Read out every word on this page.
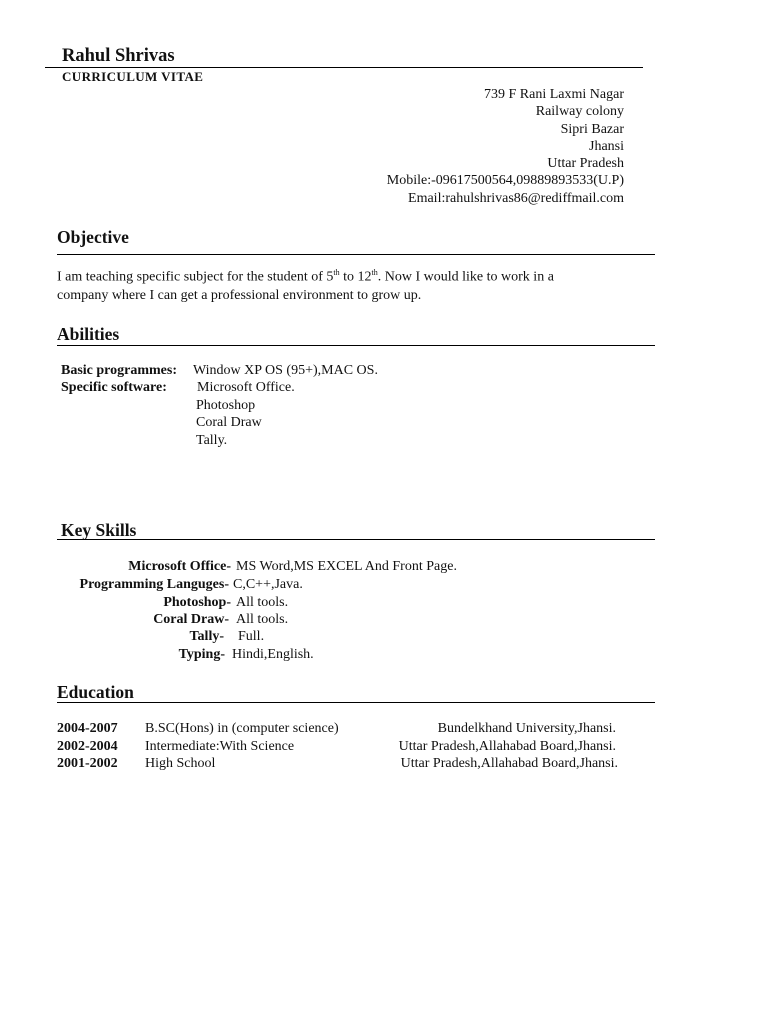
Rahul Shrivas
CURRICULUM VITAE
739 F Rani Laxmi Nagar
Railway colony
Sipri Bazar
Jhansi
Uttar Pradesh
Mobile:-09617500564,09889893533(U.P)
Email:rahulshrivas86@rediffmail.com
Objective
I am teaching specific subject for the student of 5th to 12th. Now I would like to work in a
company where I can get a professional environment to grow up.
Abilities
Basic programmes: Window XP OS (95+),MAC OS.
Specific software: Microsoft Office.
Photoshop
Coral Draw
Tally.
Key Skills
Microsoft Office- MS Word,MS EXCEL And Front Page.
Programming Languges- C,C++,Java.
Photoshop- All tools.
Coral Draw- All tools.
Tally- Full.
Typing- Hindi,English.
Education
2004-2007 B.SC(Hons) in (computer science)	Bundelkhand University,Jhansi.
2002-2004 Intermediate:With Science	Uttar Pradesh,Allahabad Board,Jhansi.
2001-2002 High School	Uttar Pradesh,Allahabad Board,Jhansi.
